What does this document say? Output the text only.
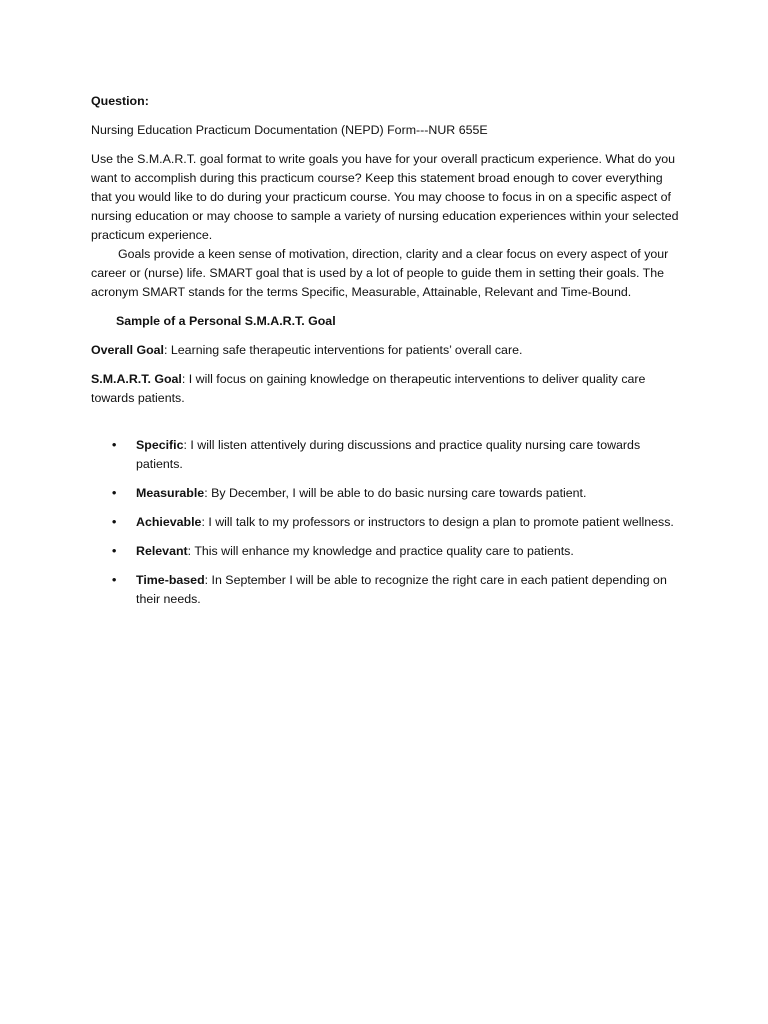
Question:

Nursing Education Practicum Documentation (NEPD) Form---NUR 655E

Use the S.M.A.R.T. goal format to write goals you have for your overall practicum experience. What do you want to accomplish during this practicum course? Keep this statement broad enough to cover everything that you would like to do during your practicum course. You may choose to focus in on a specific aspect of nursing education or may choose to sample a variety of nursing education experiences within your selected practicum experience.

Goals provide a keen sense of motivation, direction, clarity and a clear focus on every aspect of your career or (nurse) life. SMART goal that is used by a lot of people to guide them in setting their goals. The acronym SMART stands for the terms Specific, Measurable, Attainable, Relevant and Time-Bound.

Sample of a Personal S.M.A.R.T. Goal

Overall Goal: Learning safe therapeutic interventions for patients’ overall care.

S.M.A.R.T. Goal: I will focus on gaining knowledge on therapeutic interventions to deliver quality care towards patients.

•	Specific: I will listen attentively during discussions and practice quality nursing care towards patients.
•	Measurable: By December, I will be able to do basic nursing care towards patient.
•	Achievable: I will talk to my professors or instructors to design a plan to promote patient wellness.
•	Relevant: This will enhance my knowledge and practice quality care to patients.
•	Time-based: In September I will be able to recognize the right care in each patient depending on their needs.
